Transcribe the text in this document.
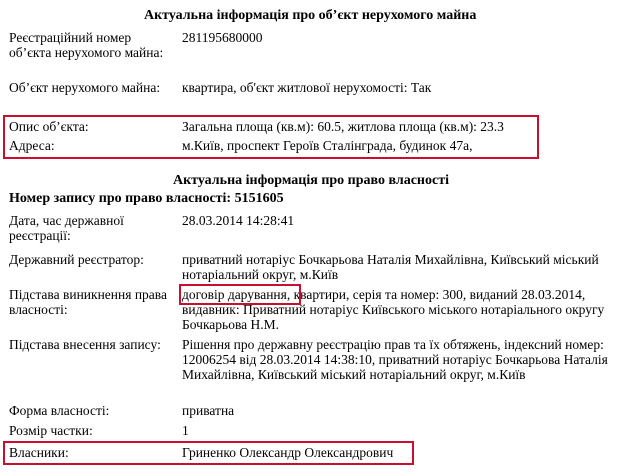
Актуальна інформація про об’єкт нерухомого майна
Реєстраційний номер об’єкта нерухомого майна:
281195680000
Об’єкт нерухомого майна:	квартира, об'єкт житлової нерухомості: Так
Опис об’єкта:	Загальна площа (кв.м): 60.5, житлова площа (кв.м): 23.3
Адреса:	м.Київ, проспект Героїв Сталінграда, будинок 47а,
Актуальна інформація про право власності
Номер запису про право власності: 5151605
Дата, час державної реєстрації:
28.03.2014 14:28:41
Державний реєстратор:	приватний нотаріус Бочкарьова Наталія Михайлівна, Київський міський нотаріальний округ, м.Київ
Підстава виникнення права власності:
договір дарування, квартири, серія та номер: 300, виданий 28.03.2014, видавник: Приватний нотаріус Київського міського нотаріального округу Бочкарьова Н.М.
Підстава внесення запису:	Рішення про державну реєстрацію прав та їх обтяжень, індексний номер: 12006254 від 28.03.2014 14:38:10, приватний нотаріус Бочкарьова Наталія Михайлівна, Київський міський нотаріальний округ, м.Київ
Форма власності:	приватна
Розмір частки:	1
Власники:	Гриненко Олександр Олександрович
